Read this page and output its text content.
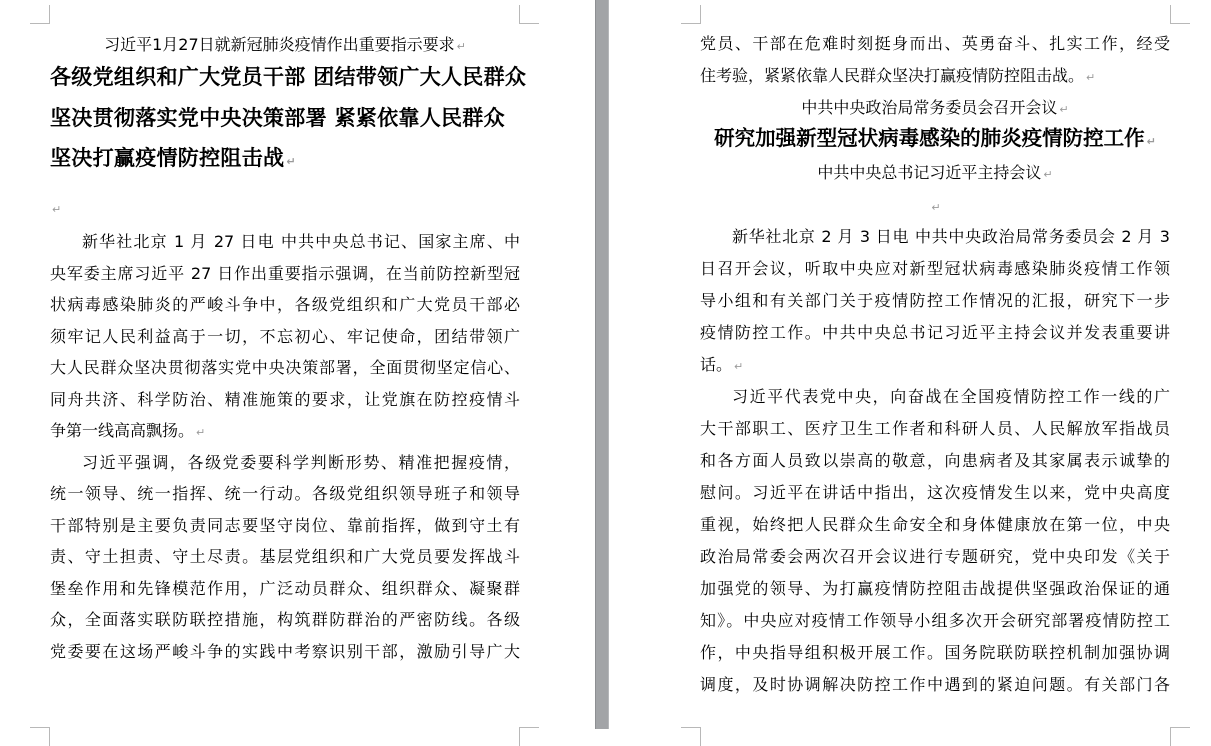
习近平1月27日就新冠肺炎疫情作出重要指示要求 ↵
各级党组织和广大党员干部 团结带领广大人民群众
坚决贯彻落实党中央决策部署 紧紧依靠人民群众
坚决打赢疫情防控阻击战 ↵
↵
新华社北京 1 月 27 日电 中共中央总书记、国家主席、中
央军委主席习近平 27 日作出重要指示强调，在当前防控新型冠
状病毒感染肺炎的严峻斗争中，各级党组织和广大党员干部必
须牢记人民利益高于一切，不忘初心、牢记使命，团结带领广
大人民群众坚决贯彻落实党中央决策部署，全面贯彻坚定信心、
同舟共济、科学防治、精准施策的要求，让党旗在防控疫情斗
争第一线高高飘扬。 ↵
习近平强调，各级党委要科学判断形势、精准把握疫情，
统一领导、统一指挥、统一行动。各级党组织领导班子和领导
干部特别是主要负责同志要坚守岗位、靠前指挥，做到守土有
责、守土担责、守土尽责。基层党组织和广大党员要发挥战斗
堡垒作用和先锋模范作用，广泛动员群众、组织群众、凝聚群
众，全面落实联防联控措施，构筑群防群治的严密防线。各级
党委要在这场严峻斗争的实践中考察识别干部，激励引导广大
党员、干部在危难时刻挺身而出、英勇奋斗、扎实工作，经受
住考验，紧紧依靠人民群众坚决打赢疫情防控阻击战。 ↵
中共中央政治局常务委员会召开会议 ↵
研究加强新型冠状病毒感染的肺炎疫情防控工作 ↵
中共中央总书记习近平主持会议 ↵
↵
新华社北京 2 月 3 日电 中共中央政治局常务委员会 2 月 3
日召开会议，听取中央应对新型冠状病毒感染肺炎疫情工作领
导小组和有关部门关于疫情防控工作情况的汇报，研究下一步
疫情防控工作。中共中央总书记习近平主持会议并发表重要讲
话。 ↵
习近平代表党中央，向奋战在全国疫情防控工作一线的广
大干部职工、医疗卫生工作者和科研人员、人民解放军指战员
和各方面人员致以崇高的敬意，向患病者及其家属表示诚挚的
慰问。习近平在讲话中指出，这次疫情发生以来，党中央高度
重视，始终把人民群众生命安全和身体健康放在第一位，中央
政治局常委会两次召开会议进行专题研究，党中央印发《关于
加强党的领导、为打赢疫情防控阻击战提供坚强政治保证的通
知》。中央应对疫情工作领导小组多次开会研究部署疫情防控工
作，中央指导组积极开展工作。国务院联防联控机制加强协调
调度，及时协调解决防控工作中遇到的紧迫问题。有关部门各
